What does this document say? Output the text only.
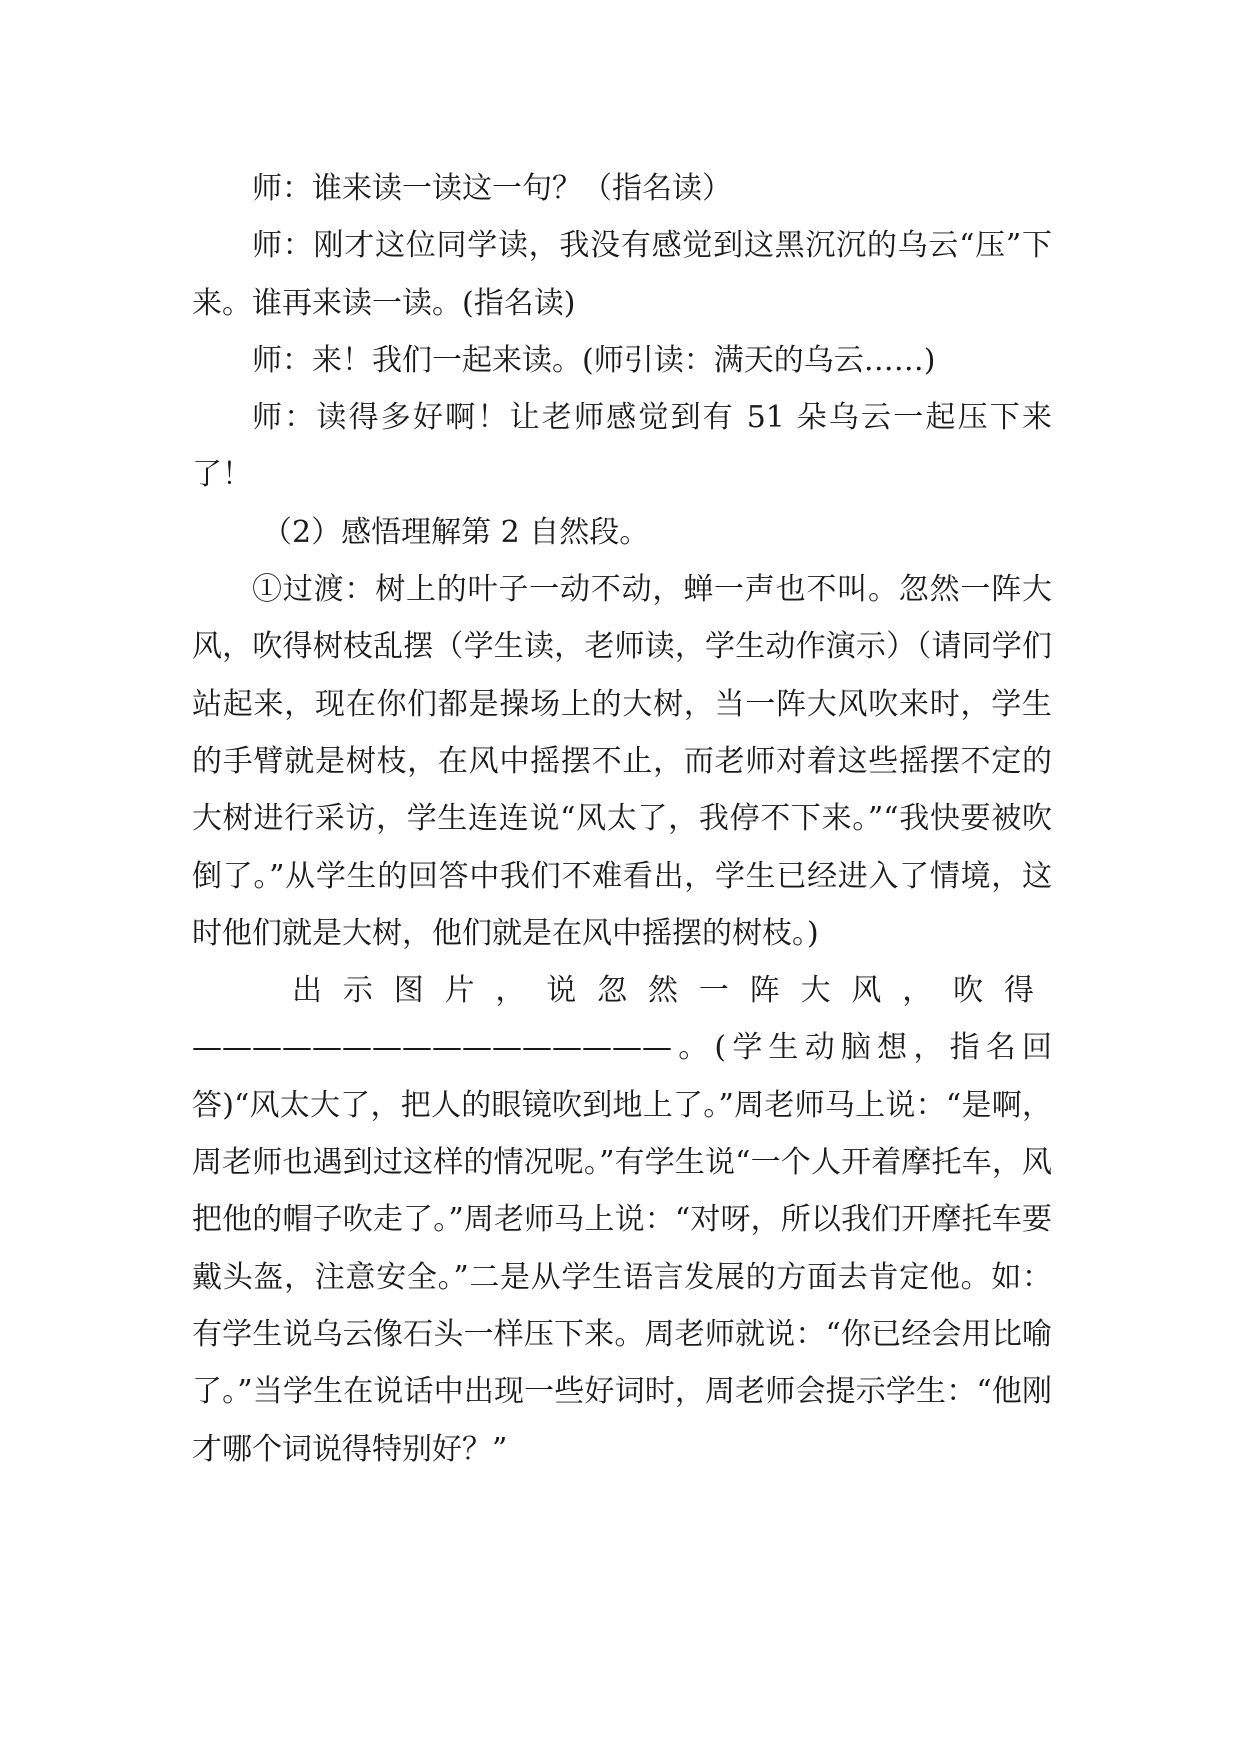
师：谁来读一读这一句？（指名读）

师：刚才这位同学读，我没有感觉到这黑沉沉的乌云“压”下来。谁再来读一读。(指名读)

师：来！我们一起来读。(师引读：满天的乌云……)

师：读得多好啊！让老师感觉到有 51 朵乌云一起压下来了！

（2）感悟理解第 2 自然段。

①过渡：树上的叶子一动不动，蝉一声也不叫。忽然一阵大风，吹得树枝乱摆（学生读，老师读，学生动作演示）（请同学们站起来，现在你们都是操场上的大树，当一阵大风吹来时，学生的手臂就是树枝，在风中摇摆不止，而老师对着这些摇摆不定的大树进行采访，学生连连说“风太了，我停不下来。”“我快要被吹倒了。”从学生的回答中我们不难看出，学生已经进入了情境，这时他们就是大树，他们就是在风中摇摆的树枝。)

出示图片，说忽然一阵大风，吹得

————————————————。(学生动脑想，指名回答)“风太大了，把人的眼镜吹到地上了。”周老师马上说：“是啊，周老师也遇到过这样的情况呢。”有学生说“一个人开着摩托车，风把他的帽子吹走了。”周老师马上说：“对呀，所以我们开摩托车要戴头盔，注意安全。”二是从学生语言发展的方面去肯定他。如：有学生说乌云像石头一样压下来。周老师就说：“你已经会用比喻了。”当学生在说话中出现一些好词时，周老师会提示学生：“他刚才哪个词说得特别好？”
